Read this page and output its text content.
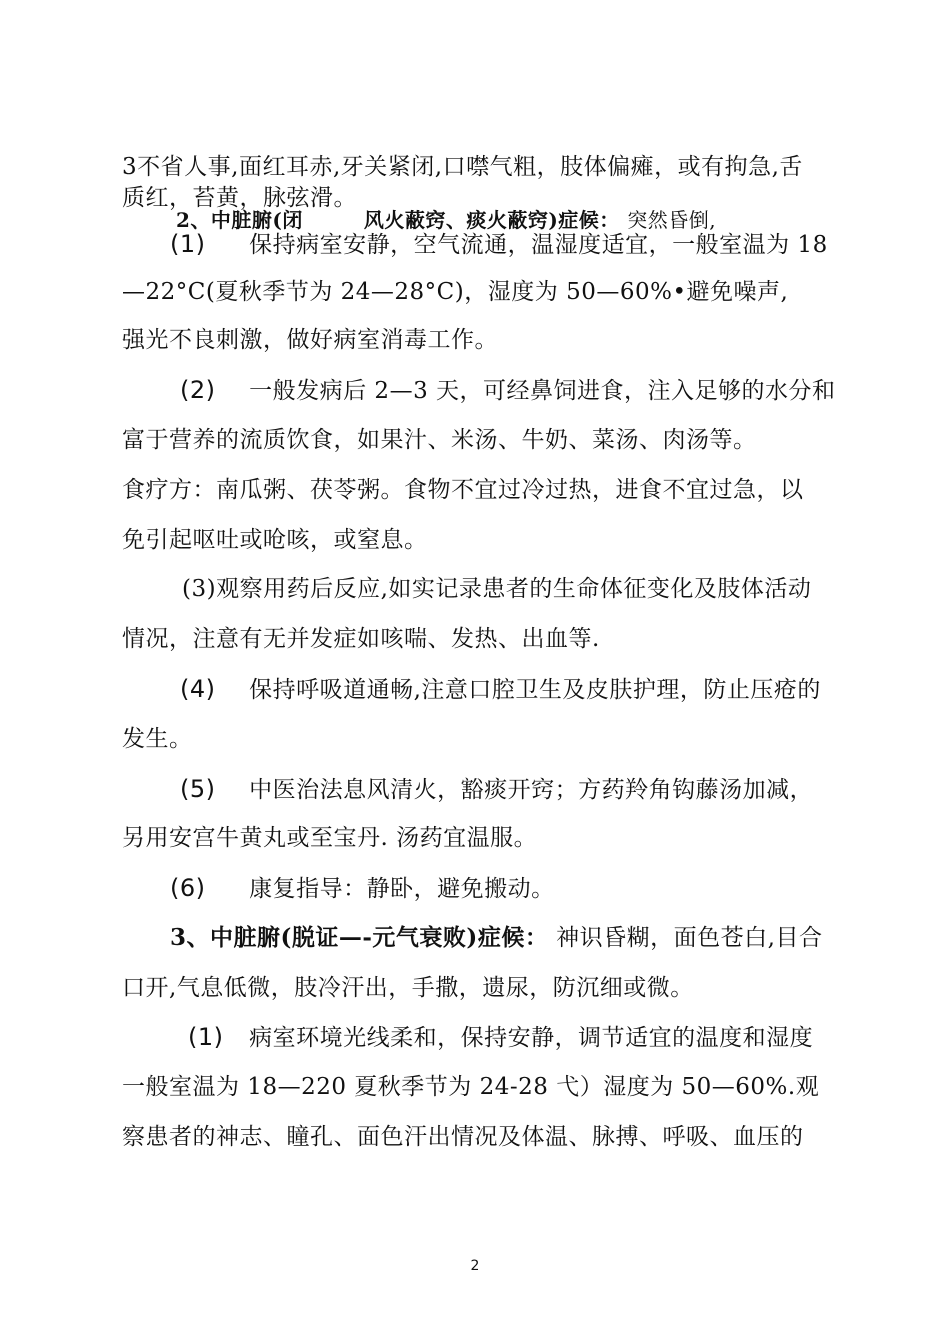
3不省人事,面红耳赤,牙关紧闭,口噤气粗，肢体偏瘫，或有拘急,舌
质红，苔黄，脉弦滑。
2、中脏腑(闭	风火蔽窍、痰火蔽窍)症候： 突然昏倒,
(1) 保持病室安静，空气流通，温湿度适宜，一般室温为 18
—22°C(夏秋季节为 24—28°C)，湿度为 50—60%•避免噪声,
强光不良刺激，做好病室消毒工作。
(2) 一般发病后 2—3 天，可经鼻饲进食，注入足够的水分和
富于营养的流质饮食，如果汁、米汤、牛奶、菜汤、肉汤等。
食疗方：南瓜粥、茯苓粥。食物不宜过冷过热，进食不宜过急，以
免引起呕吐或呛咳，或窒息。
(3)观察用药后反应,如实记录患者的生命体征变化及肢体活动
情况，注意有无并发症如咳喘、发热、出血等.
(4) 保持呼吸道通畅,注意口腔卫生及皮肤护理，防止压疮的
发生。
(5) 中医治法息风清火，豁痰开窍；方药羚角钩藤汤加减，
另用安宫牛黄丸或至宝丹. 汤药宜温服。
(6) 康复指导：静卧，避免搬动。
3、中脏腑(脱证—-元气衰败)症候： 神识昏糊，面色苍白,目合
口开,气息低微，肢冷汗出，手撒，遗尿，防沉细或微。
(1) 病室环境光线柔和，保持安静，调节适宜的温度和湿度
一般室温为 18—220 夏秋季节为 24-28 弋）湿度为 50—60%.观
察患者的神志、瞳孔、面色汗出情况及体温、脉搏、呼吸、血压的
2
